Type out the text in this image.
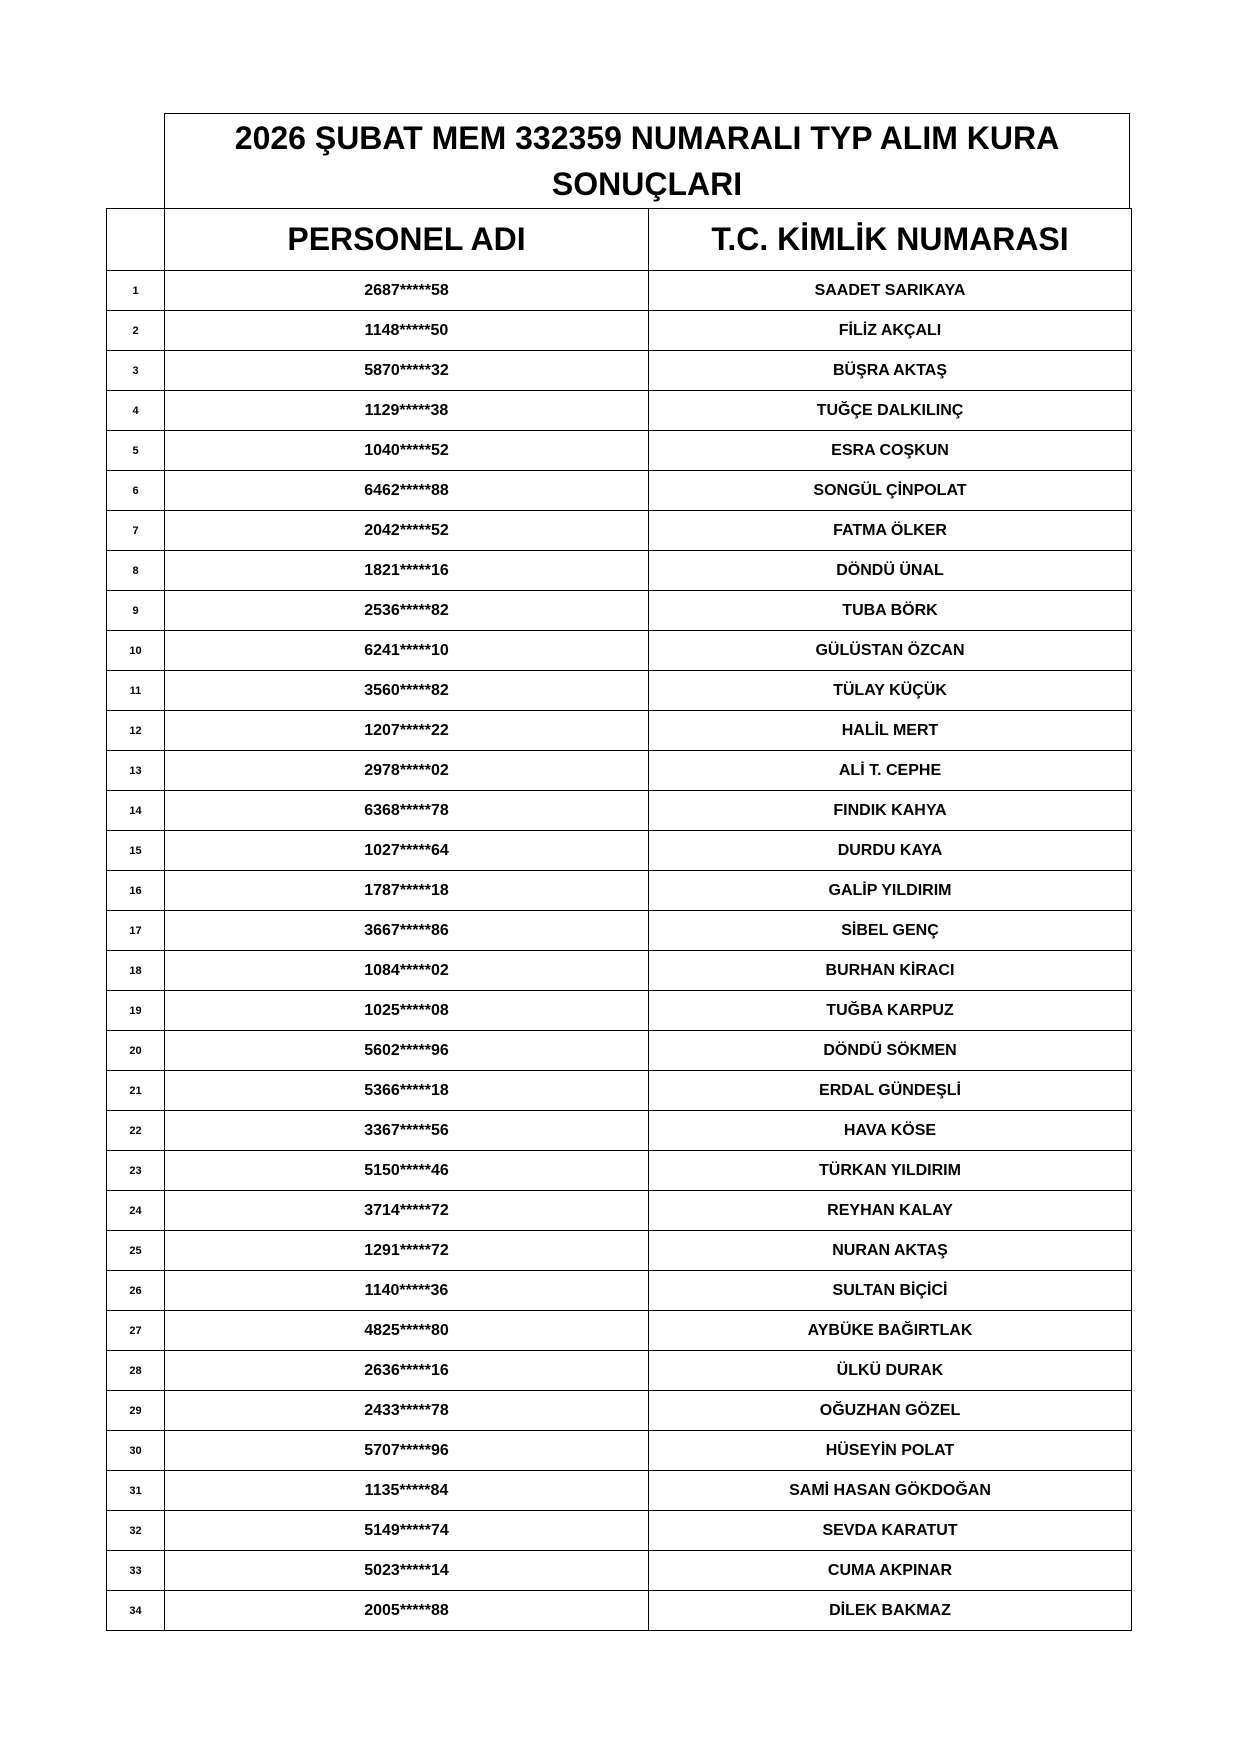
2026 ŞUBAT MEM 332359 NUMARALI TYP ALIM KURA SONUÇLARI
	PERSONEL ADI	T.C. KİMLİK NUMARASI
1	2687*****58	SAADET SARIKAYA
2	1148*****50	FİLİZ AKÇALI
3	5870*****32	BÜŞRA AKTAŞ
4	1129*****38	TUĞÇE DALKILINÇ
5	1040*****52	ESRA COŞKUN
6	6462*****88	SONGÜL ÇİNPOLAT
7	2042*****52	FATMA ÖLKER
8	1821*****16	DÖNDÜ ÜNAL
9	2536*****82	TUBA BÖRK
10	6241*****10	GÜLÜSTAN ÖZCAN
11	3560*****82	TÜLAY KÜÇÜK
12	1207*****22	HALİL MERT
13	2978*****02	ALİ T. CEPHE
14	6368*****78	FINDIK KAHYA
15	1027*****64	DURDU KAYA
16	1787*****18	GALİP YILDIRIM
17	3667*****86	SİBEL GENÇ
18	1084*****02	BURHAN KİRACI
19	1025*****08	TUĞBA KARPUZ
20	5602*****96	DÖNDÜ SÖKMEN
21	5366*****18	ERDAL GÜNDEŞLİ
22	3367*****56	HAVA KÖSE
23	5150*****46	TÜRKAN YILDIRIM
24	3714*****72	REYHAN KALAY
25	1291*****72	NURAN AKTAŞ
26	1140*****36	SULTAN BİÇİCİ
27	4825*****80	AYBÜKE BAĞIRTLAK
28	2636*****16	ÜLKÜ DURAK
29	2433*****78	OĞUZHAN GÖZEL
30	5707*****96	HÜSEYİN POLAT
31	1135*****84	SAMİ HASAN GÖKDOĞAN
32	5149*****74	SEVDA KARATUT
33	5023*****14	CUMA AKPINAR
34	2005*****88	DİLEK BAKMAZ
